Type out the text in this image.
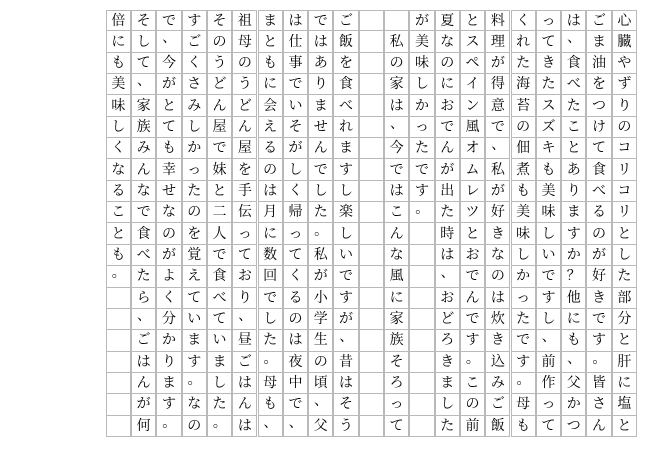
心
臓
や
ず
り
の
コ
リ
コ
リ
と
し
た
部
分
と
肝
に
塩
と
ご
ま
油
を
つ
け
て
食
べ
る
の
が
好
き
で
す
。
皆
さ
ん
は
、
食
べ
た
こ
と
あ
り
ま
す
か
？
他
に
も
、
父
か
つ
っ
て
き
た
ス
ズ
キ
も
美
味
し
い
で
す
し
、
前
作
っ
て
く
れ
た
海
苔
の
佃
煮
も
美
味
し
か
っ
た
で
す
。
母
も
料
理
が
得
意
で
、
私
が
好
き
な
の
は
炊
き
込
み
ご
飯
と
ス
ペ
イ
ン
風
オ
ム
レ
ツ
と
お
で
ん
で
す
。
こ
の
前
夏
な
の
に
お
で
ん
が
出
た
時
は
、
お
ど
ろ
き
ま
し
た
が
美
味
し
か
っ
た
で
す
。
私
の
家
は
、
今
で
は
こ
ん
な
風
に
家
族
そ
ろ
っ
て
ご
飯
を
食
べ
れ
ま
す
し
楽
し
い
で
す
が
、
昔
は
そ
う
で
は
あ
り
ま
せ
ん
で
し
た
。
私
が
小
学
生
の
頃
、
父
は
仕
事
で
い
そ
が
し
く
帰
っ
て
く
る
の
は
夜
中
で
、
ま
と
も
に
会
え
る
の
は
月
に
数
回
で
し
た
。
母
も
、
祖
母
の
う
ど
ん
屋
を
手
伝
っ
て
お
り
、
昼
ご
は
ん
は
そ
の
う
ど
ん
屋
で
妹
と
二
人
で
食
べ
て
い
ま
し
た
。
す
ご
く
さ
み
し
か
っ
た
の
を
覚
え
て
い
ま
す
。
な
の
で
、
今
が
と
て
も
幸
せ
な
の
が
よ
く
分
か
り
ま
す
。
そ
し
て
、
家
族
み
ん
な
で
食
べ
た
ら
、
ご
は
ん
が
何
倍
に
も
美
味
し
く
な
る
こ
と
も
。
